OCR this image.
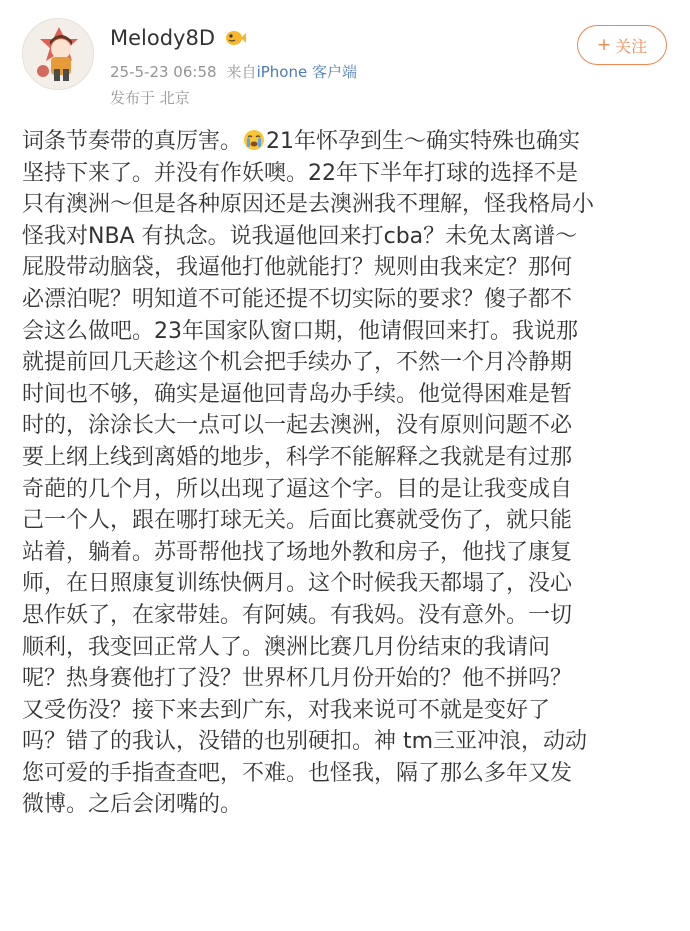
Melody8D
25-5-23 06:58 来自iPhone 客户端
发布于 北京
+ 关注
词条节奏带的真厉害。 21年怀孕到生～确实特殊也确实
坚持下来了。并没有作妖噢。22年下半年打球的选择不是
只有澳洲～但是各种原因还是去澳洲我不理解，怪我格局小
怪我对NBA 有执念。说我逼他回来打cba？未免太离谱～
屁股带动脑袋，我逼他打他就能打？规则由我来定？那何
必漂泊呢？明知道不可能还提不切实际的要求？傻子都不
会这么做吧。23年国家队窗口期，他请假回来打。我说那
就提前回几天趁这个机会把手续办了，不然一个月冷静期
时间也不够，确实是逼他回青岛办手续。他觉得困难是暂
时的，涂涂长大一点可以一起去澳洲，没有原则问题不必
要上纲上线到离婚的地步，科学不能解释之我就是有过那
奇葩的几个月，所以出现了逼这个字。目的是让我变成自
己一个人，跟在哪打球无关。后面比赛就受伤了，就只能
站着，躺着。苏哥帮他找了场地外教和房子，他找了康复
师，在日照康复训练快俩月。这个时候我天都塌了，没心
思作妖了，在家带娃。有阿姨。有我妈。没有意外。一切
顺利，我变回正常人了。澳洲比赛几月份结束的我请问
呢？热身赛他打了没？世界杯几月份开始的？他不拼吗？
又受伤没？接下来去到广东，对我来说可不就是变好了
吗？错了的我认，没错的也别硬扣。神 tm三亚冲浪，动动
您可爱的手指查查吧，不难。也怪我，隔了那么多年又发
微博。之后会闭嘴的。
